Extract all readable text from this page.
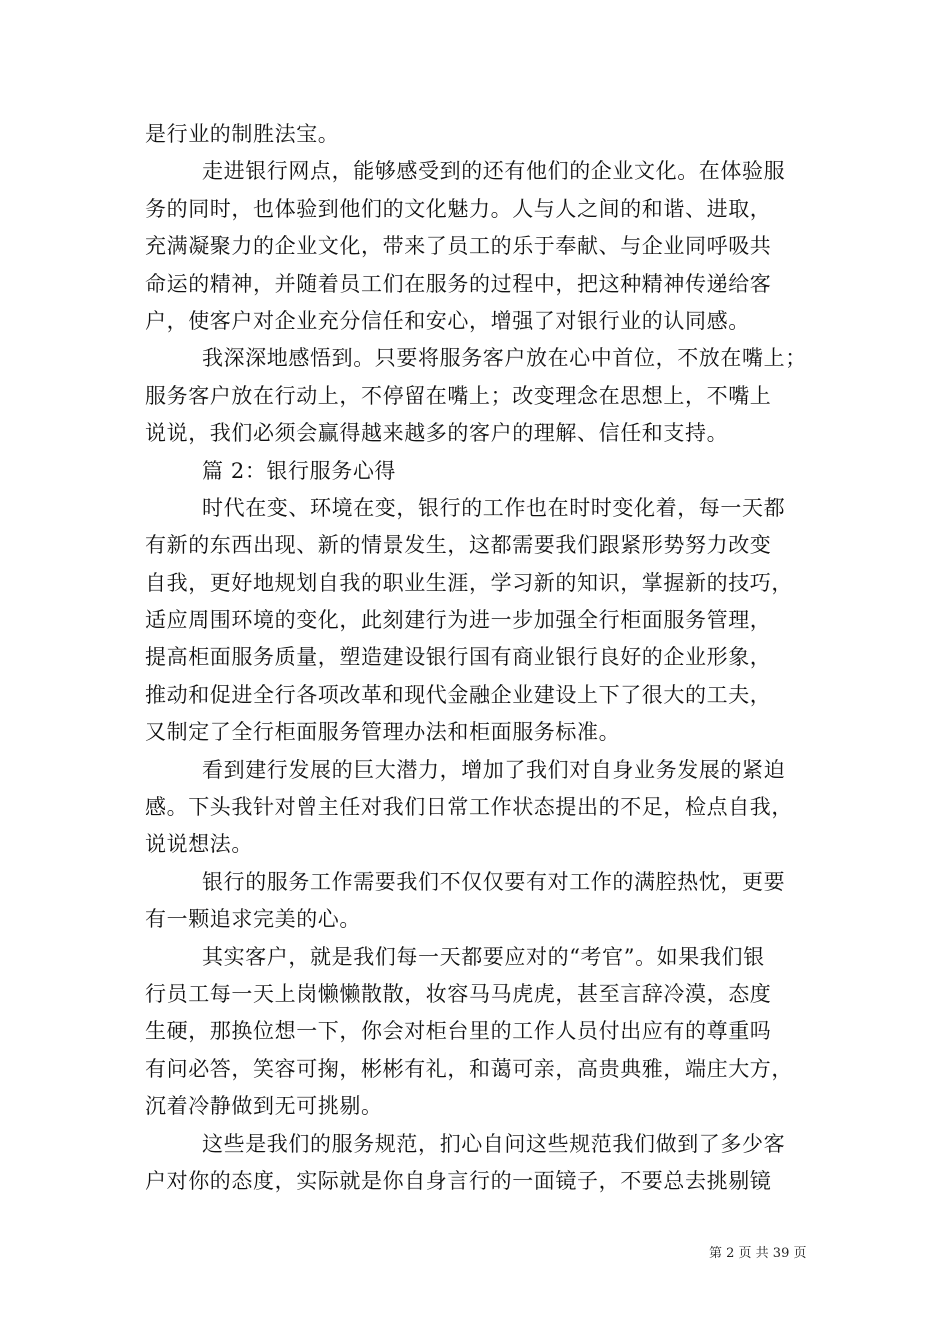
是行业的制胜法宝。
走进银行网点，能够感受到的还有他们的企业文化。在体验服
务的同时，也体验到他们的文化魅力。人与人之间的和谐、进取，
充满凝聚力的企业文化，带来了员工的乐于奉献、与企业同呼吸共
命运的精神，并随着员工们在服务的过程中，把这种精神传递给客
户，使客户对企业充分信任和安心，增强了对银行业的认同感。
我深深地感悟到。只要将服务客户放在心中首位，不放在嘴上；
服务客户放在行动上，不停留在嘴上；改变理念在思想上，不嘴上
说说，我们必须会赢得越来越多的客户的理解、信任和支持。
篇 2：银行服务心得
时代在变、环境在变，银行的工作也在时时变化着，每一天都
有新的东西出现、新的情景发生，这都需要我们跟紧形势努力改变
自我，更好地规划自我的职业生涯，学习新的知识，掌握新的技巧，
适应周围环境的变化，此刻建行为进一步加强全行柜面服务管理，
提高柜面服务质量，塑造建设银行国有商业银行良好的企业形象，
推动和促进全行各项改革和现代金融企业建设上下了很大的工夫，
又制定了全行柜面服务管理办法和柜面服务标准。
看到建行发展的巨大潜力，增加了我们对自身业务发展的紧迫
感。下头我针对曾主任对我们日常工作状态提出的不足，检点自我，
说说想法。
银行的服务工作需要我们不仅仅要有对工作的满腔热忱，更要
有一颗追求完美的心。
其实客户，就是我们每一天都要应对的“考官”。如果我们银
行员工每一天上岗懒懒散散，妆容马马虎虎，甚至言辞冷漠，态度
生硬，那换位想一下，你会对柜台里的工作人员付出应有的尊重吗
有问必答，笑容可掬，彬彬有礼，和蔼可亲，高贵典雅，端庄大方，
沉着冷静做到无可挑剔。
这些是我们的服务规范，扪心自问这些规范我们做到了多少客
户对你的态度，实际就是你自身言行的一面镜子，不要总去挑剔镜
第 2 页 共 39 页
